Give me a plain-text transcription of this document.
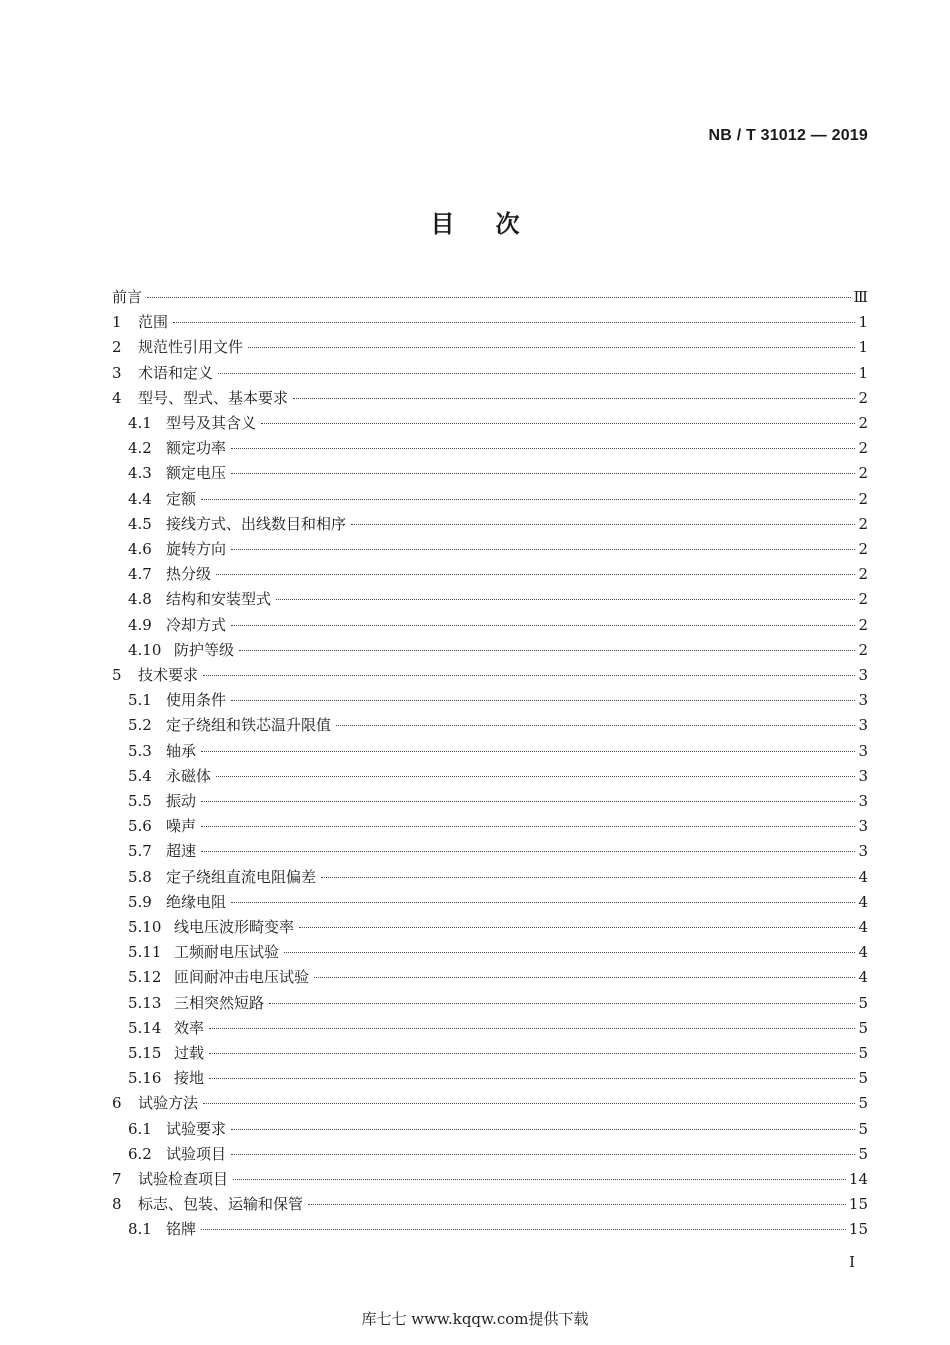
NB / T 31012 — 2019
目 次
前言	Ⅲ
1	范围	1
2	规范性引用文件	1
3	术语和定义	1
4	型号、型式、基本要求	2
4.1 型号及其含义	2
4.2 额定功率	2
4.3 额定电压	2
4.4 定额	2
4.5 接线方式、出线数目和相序	2
4.6 旋转方向	2
4.7 热分级	2
4.8 结构和安装型式	2
4.9 冷却方式	2
4.10 防护等级	2
5	技术要求	3
5.1 使用条件	3
5.2 定子绕组和铁芯温升限值	3
5.3 轴承	3
5.4 永磁体	3
5.5 振动	3
5.6 噪声	3
5.7 超速	3
5.8 定子绕组直流电阻偏差	4
5.9 绝缘电阻	4
5.10 线电压波形畸变率	4
5.11 工频耐电压试验	4
5.12 匝间耐冲击电压试验	4
5.13 三相突然短路	5
5.14 效率	5
5.15 过载	5
5.16 接地	5
6	试验方法	5
6.1 试验要求	5
6.2 试验项目	5
7	试验检查项目	14
8	标志、包装、运输和保管	15
8.1 铭牌	15
I
库七七 www.kqqw.com提供下载
